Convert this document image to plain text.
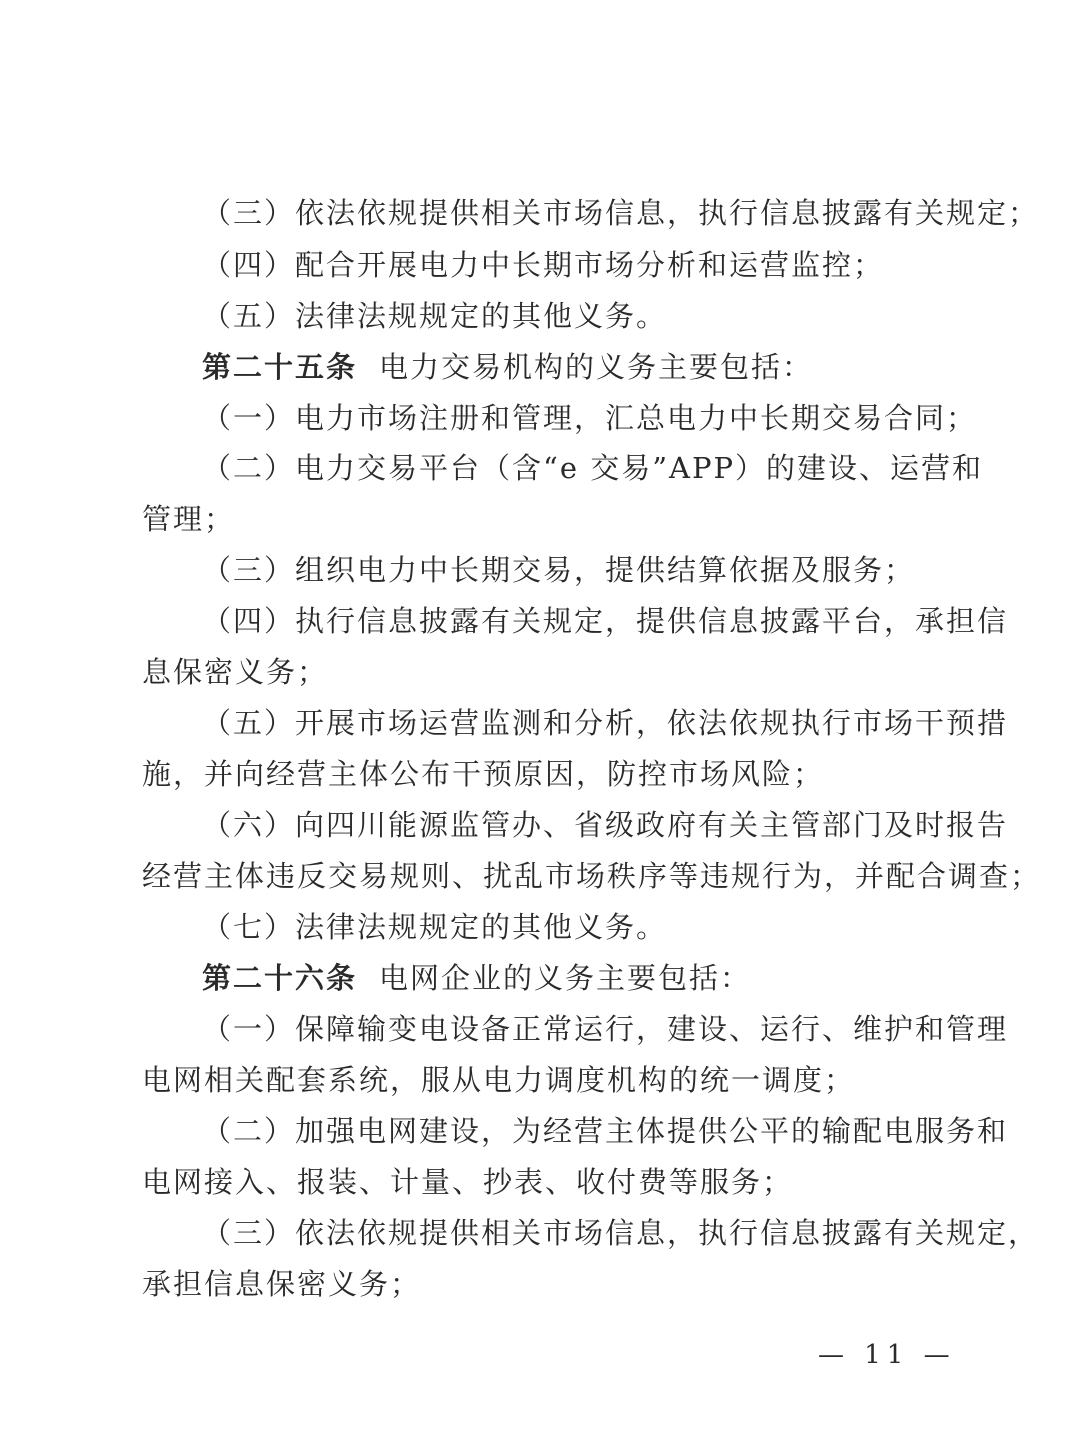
（三）依法依规提供相关市场信息，执行信息披露有关规定；
（四）配合开展电力中长期市场分析和运营监控；
（五）法律法规规定的其他义务。
第二十五条 电力交易机构的义务主要包括：
（一）电力市场注册和管理，汇总电力中长期交易合同；
（二）电力交易平台（含“e 交易”APP）的建设、运营和
管理；
（三）组织电力中长期交易，提供结算依据及服务；
（四）执行信息披露有关规定，提供信息披露平台，承担信
息保密义务；
（五）开展市场运营监测和分析，依法依规执行市场干预措
施，并向经营主体公布干预原因，防控市场风险；
（六）向四川能源监管办、省级政府有关主管部门及时报告
经营主体违反交易规则、扰乱市场秩序等违规行为，并配合调查；
（七）法律法规规定的其他义务。
第二十六条 电网企业的义务主要包括：
（一）保障输变电设备正常运行，建设、运行、维护和管理
电网相关配套系统，服从电力调度机构的统一调度；
（二）加强电网建设，为经营主体提供公平的输配电服务和
电网接入、报装、计量、抄表、收付费等服务；
（三）依法依规提供相关市场信息，执行信息披露有关规定，
承担信息保密义务；
— 11 —
